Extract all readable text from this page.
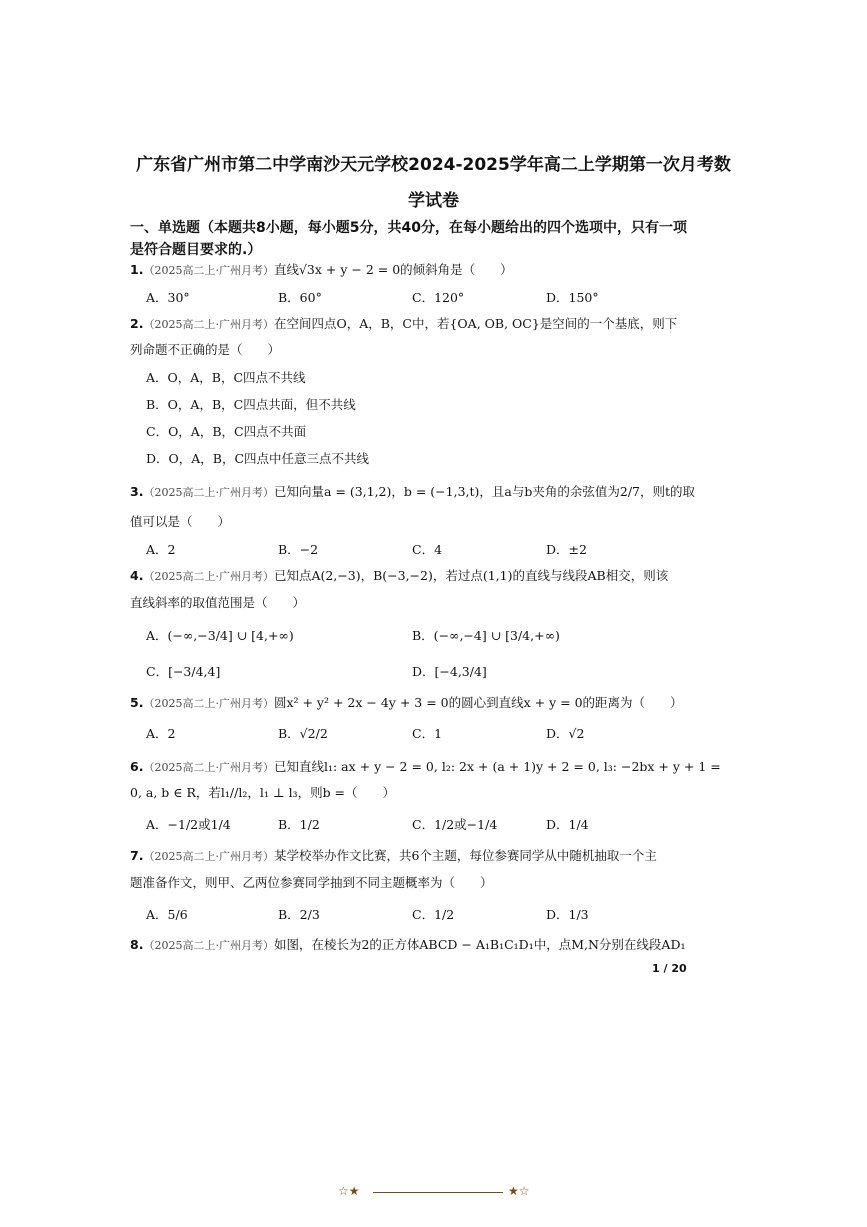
广东省广州市第二中学南沙天元学校2024-2025学年高二上学期第一次月考数
学试卷
一、单选题（本题共8小题，每小题5分，共40分，在每小题给出的四个选项中，只有一项
是符合题目要求的.）
1.（2025高二上·广州月考）直线√3x + y − 2 = 0的倾斜角是（　　）
A．30°	B．60°	C．120°	D．150°
2.（2025高二上·广州月考）在空间四点O，A，B，C中，若{OA, OB, OC}是空间的一个基底，则下
列命题不正确的是（　　）
A．O，A，B，C四点不共线
B．O，A，B，C四点共面，但不共线
C．O，A，B，C四点不共面
D．O，A，B，C四点中任意三点不共线
3.（2025高二上·广州月考）已知向量a = (3,1,2)，b = (−1,3,t)，且a与b夹角的余弦值为2/7，则t的取
值可以是（　　）
A．2	B．−2	C．4	D．±2
4.（2025高二上·广州月考）已知点A(2,−3)，B(−3,−2)，若过点(1,1)的直线与线段AB相交，则该
直线斜率的取值范围是（　　）
A．(−∞,−3/4] ∪ [4,+∞)	B．(−∞,−4] ∪ [3/4,+∞)
C．[−3/4,4]	D．[−4,3/4]
5.（2025高二上·广州月考）圆x² + y² + 2x − 4y + 3 = 0的圆心到直线x + y = 0的距离为（　　）
A．2	B．√2/2	C．1	D．√2
6.（2025高二上·广州月考）已知直线l₁: ax + y − 2 = 0, l₂: 2x + (a + 1)y + 2 = 0, l₃: −2bx + y + 1 =
0, a, b ∈ R，若l₁//l₂，l₁ ⊥ l₃，则b =（　　）
A．−1/2或1/4	B．1/2	C．1/2或−1/4	D．1/4
7.（2025高二上·广州月考）某学校举办作文比赛，共6个主题，每位参赛同学从中随机抽取一个主
题准备作文，则甲、乙两位参赛同学抽到不同主题概率为（　　）
A．5/6	B．2/3	C．1/2	D．1/3
8.（2025高二上·广州月考）如图，在棱长为2的正方体ABCD − A₁B₁C₁D₁中，点M,N分别在线段AD₁
1 / 20
☆★	★☆
